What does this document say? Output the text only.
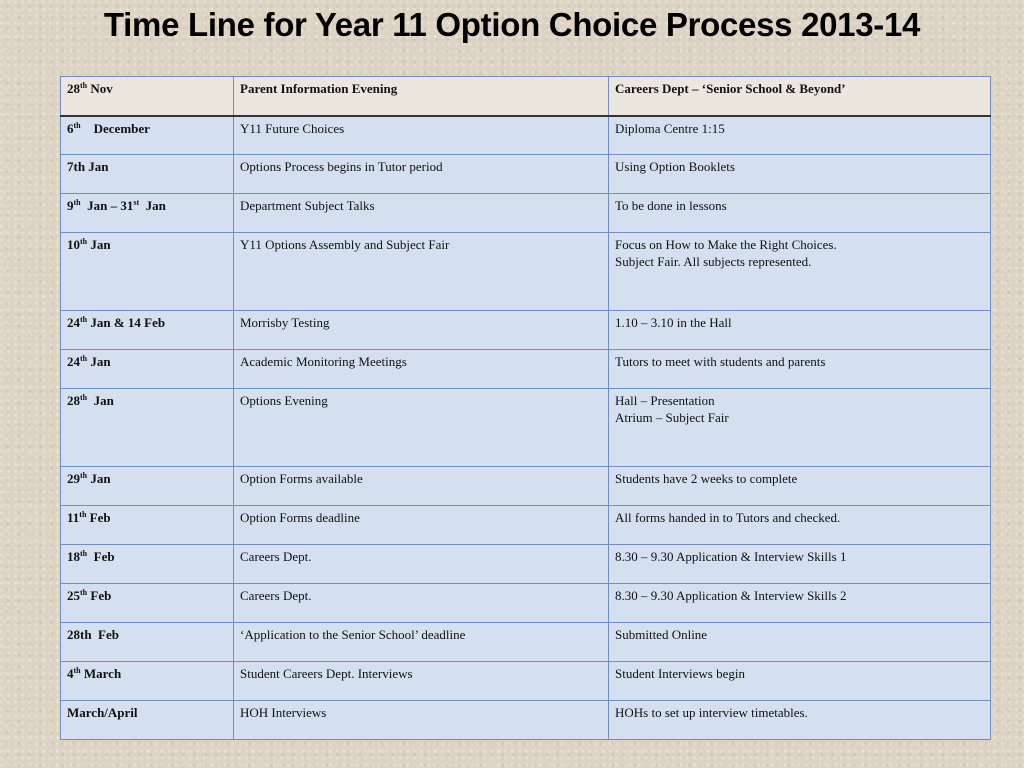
Time Line for Year 11 Option Choice Process 2013-14
28th Nov	Parent Information Evening	Careers Dept – ‘Senior School & Beyond’

6th    December	Y11 Future Choices	Diploma Centre 1:15

7th Jan	Options Process begins in Tutor period	Using Option Booklets

9th  Jan – 31st  Jan	Department Subject Talks	To be done in lessons

10th Jan	Y11 Options Assembly and Subject Fair	Focus on How to Make the Right Choices.
Subject Fair. All subjects represented.

24th Jan & 14 Feb	Morrisby Testing	1.10 – 3.10 in the Hall

24th Jan	Academic Monitoring Meetings	Tutors to meet with students and parents

28th  Jan	Options Evening	Hall – Presentation
Atrium – Subject Fair

29th Jan	Option Forms available	Students have 2 weeks to complete

11th Feb	Option Forms deadline	All forms handed in to Tutors and checked.

18th  Feb	Careers Dept.	8.30 – 9.30 Application & Interview Skills 1

25th Feb	Careers Dept.	8.30 – 9.30 Application & Interview Skills 2

28th  Feb	‘Application to the Senior School’ deadline	Submitted Online

4th March	Student Careers Dept. Interviews	Student Interviews begin

March/April	HOH Interviews	HOHs to set up interview timetables.
